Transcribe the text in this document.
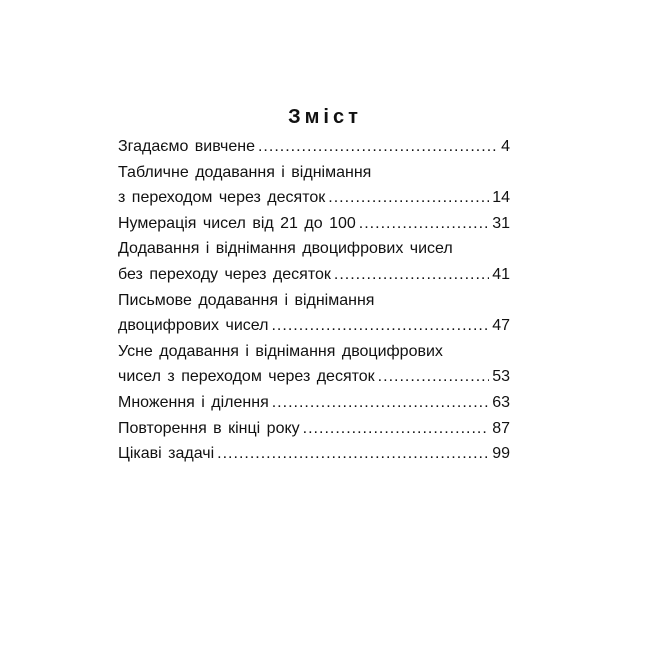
Зміст
Згадаємо вивчене .....	4
Табличне додавання і віднімання
з переходом через десяток .....	14
Нумерація чисел від 21 до 100 .....	31
Додавання і віднімання двоцифрових чисел
без переходу через десяток .....	41
Письмове додавання і віднімання
двоцифрових чисел .....	47
Усне додавання і віднімання двоцифрових
чисел з переходом через десяток .....	53
Множення і ділення .....	63
Повторення в кінці року .....	87
Цікаві задачі .....	99
